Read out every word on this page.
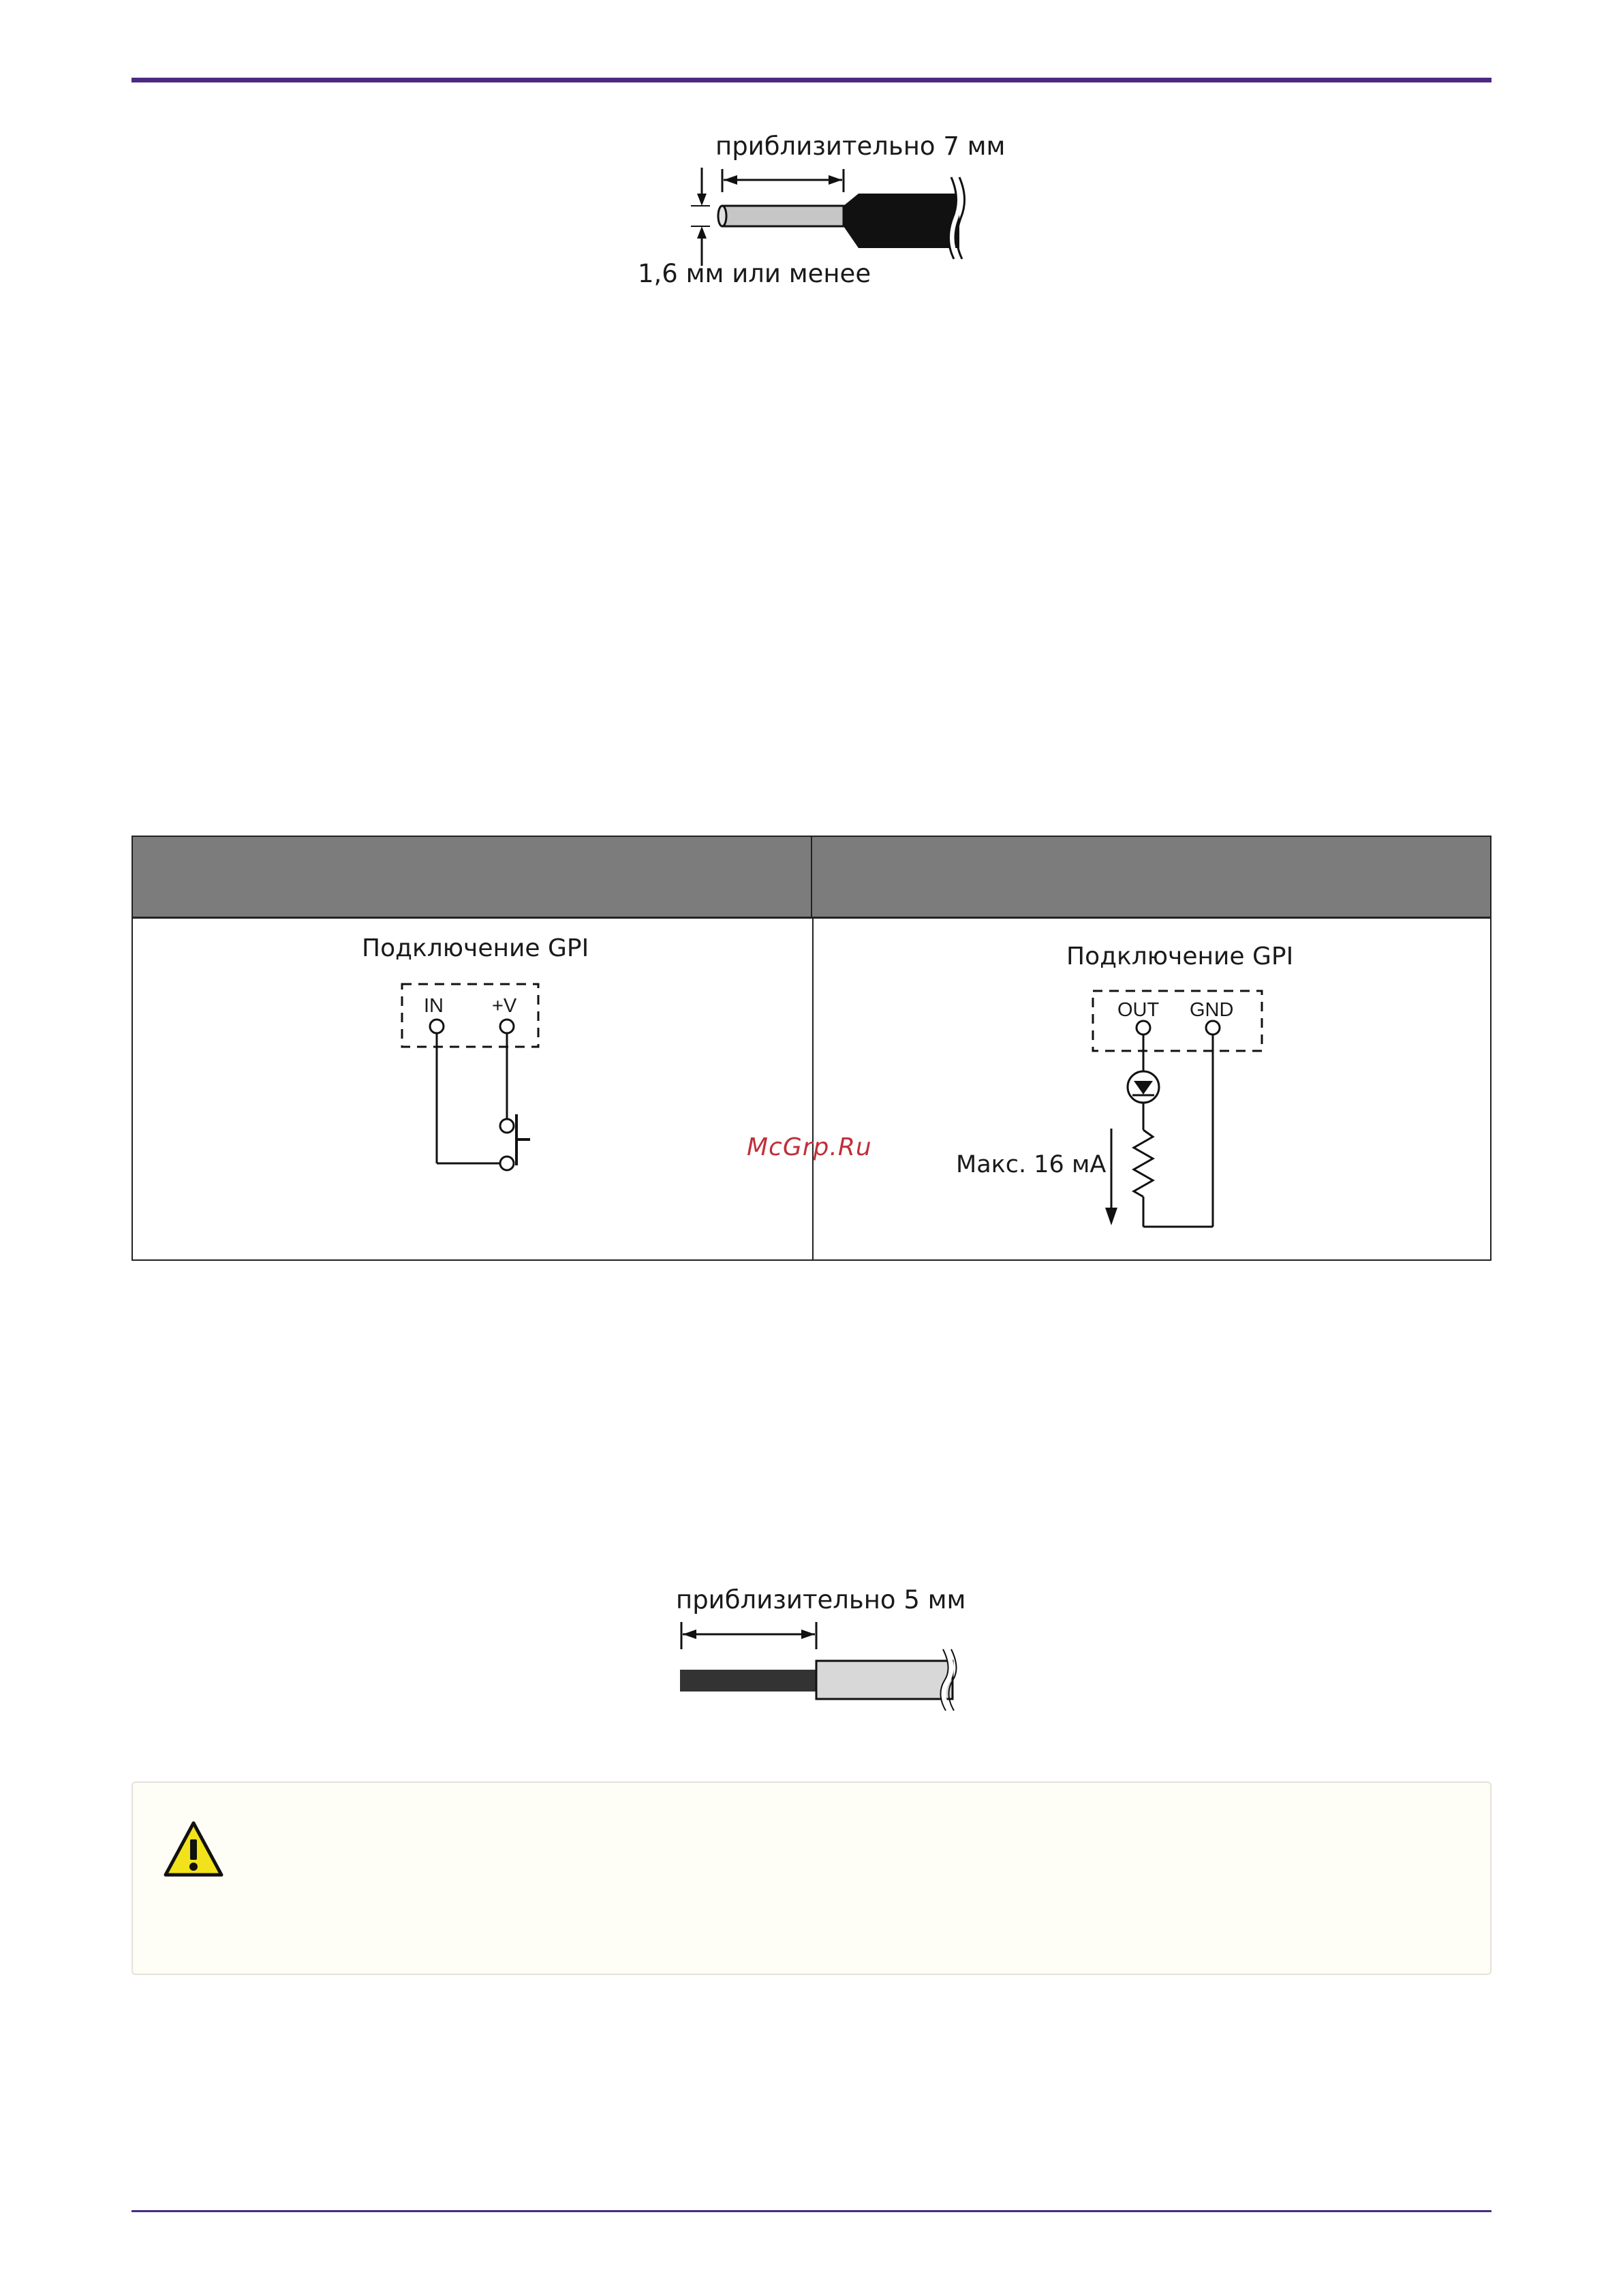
приблизительно 7 мм
1,6 мм или менее
Подключение GPI
IN +V
Подключение GPI
OUT GND
Макс. 16 мА
McGrp.Ru
приблизительно 5 мм
